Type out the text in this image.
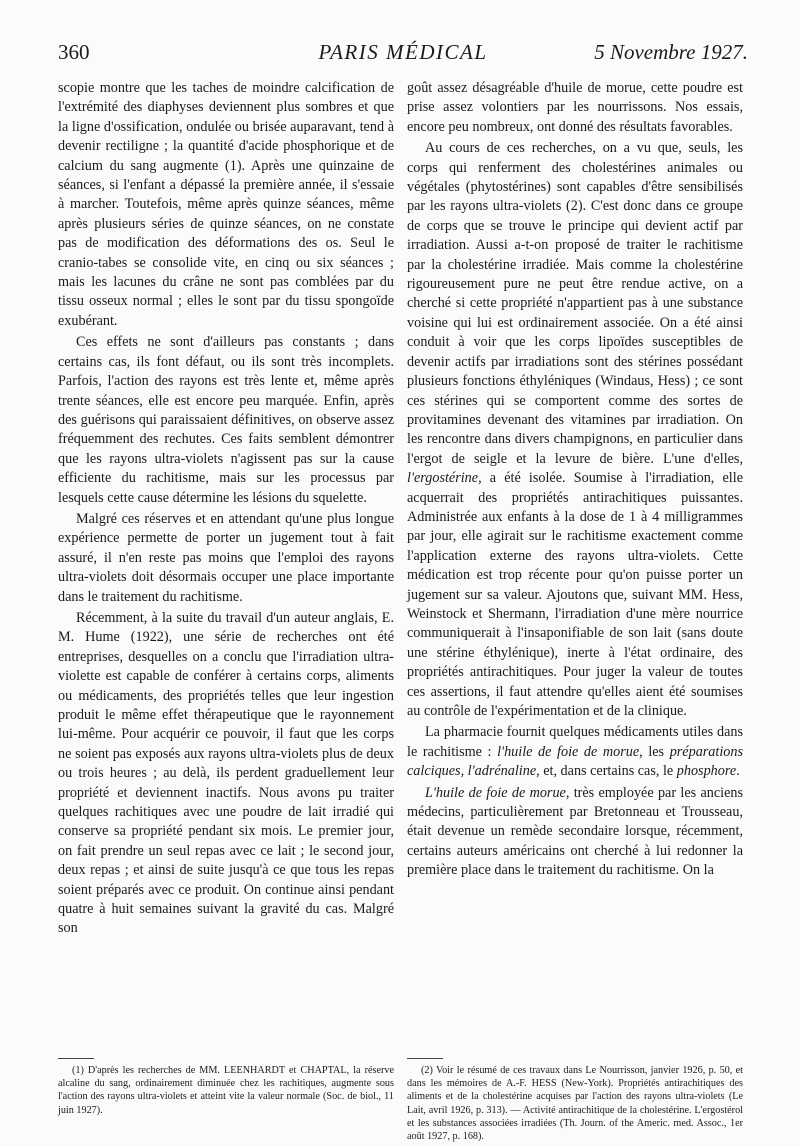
360	PARIS MÉDICAL	5 Novembre 1927.

scopie montre que les taches de moindre calcification de l'extrémité des diaphyses deviennent plus sombres et que la ligne d'ossification, ondulée ou brisée auparavant, tend à devenir rectiligne ; la quantité d'acide phosphorique et de calcium du sang augmente (1). Après une quinzaine de séances, si l'enfant a dépassé la première année, il s'essaie à marcher. Toutefois, même après quinze séances, même après plusieurs séries de quinze séances, on ne constate pas de modification des déformations des os. Seul le cranio-tabes se consolide vite, en cinq ou six séances ; mais les lacunes du crâne ne sont pas comblées par du tissu osseux normal ; elles le sont par du tissu spongoïde exubérant.

Ces effets ne sont d'ailleurs pas constants ; dans certains cas, ils font défaut, ou ils sont très incomplets. Parfois, l'action des rayons est très lente et, même après trente séances, elle est encore peu marquée. Enfin, après des guérisons qui paraissaient définitives, on observe assez fréquemment des rechutes. Ces faits semblent démontrer que les rayons ultra-violets n'agissent pas sur la cause efficiente du rachitisme, mais sur les processus par lesquels cette cause détermine les lésions du squelette.

Malgré ces réserves et en attendant qu'une plus longue expérience permette de porter un jugement tout à fait assuré, il n'en reste pas moins que l'emploi des rayons ultra-violets doit désormais occuper une place importante dans le traitement du rachitisme.

Récemment, à la suite du travail d'un auteur anglais, E. M. Hume (1922), une série de recherches ont été entreprises, desquelles on a conclu que l'irradiation ultra-violette est capable de conférer à certains corps, aliments ou médicaments, des propriétés telles que leur ingestion produit le même effet thérapeutique que le rayonnement lui-même. Pour acquérir ce pouvoir, il faut que les corps ne soient pas exposés aux rayons ultra-violets plus de deux ou trois heures ; au delà, ils perdent graduellement leur propriété et deviennent inactifs. Nous avons pu traiter quelques rachitiques avec une poudre de lait irradié qui conserve sa propriété pendant six mois. Le premier jour, on fait prendre un seul repas avec ce lait ; le second jour, deux repas ; et ainsi de suite jusqu'à ce que tous les repas soient préparés avec ce produit. On continue ainsi pendant quatre à huit semaines suivant la gravité du cas. Malgré son

goût assez désagréable d'huile de morue, cette poudre est prise assez volontiers par les nourrissons. Nos essais, encore peu nombreux, ont donné des résultats favorables.

Au cours de ces recherches, on a vu que, seuls, les corps qui renferment des cholestérines animales ou végétales (phytostérines) sont capables d'être sensibilisés par les rayons ultra-violets (2). C'est donc dans ce groupe de corps que se trouve le principe qui devient actif par irradiation. Aussi a-t-on proposé de traiter le rachitisme par la cholestérine irradiée. Mais comme la cholestérine rigoureusement pure ne peut être rendue active, on a cherché si cette propriété n'appartient pas à une substance voisine qui lui est ordinairement associée. On a été ainsi conduit à voir que les corps lipoïdes susceptibles de devenir actifs par irradiations sont des stérines possédant plusieurs fonctions éthyléniques (Windaus, Hess) ; ce sont ces stérines qui se comportent comme des sortes de provitamines devenant des vitamines par irradiation. On les rencontre dans divers champignons, en particulier dans l'ergot de seigle et la levure de bière. L'une d'elles, l'ergostérine, a été isolée. Soumise à l'irradiation, elle acquerrait des propriétés antirachitiques puissantes. Administrée aux enfants à la dose de 1 à 4 milligrammes par jour, elle agirait sur le rachitisme exactement comme l'application externe des rayons ultra-violets. Cette médication est trop récente pour qu'on puisse porter un jugement sur sa valeur. Ajoutons que, suivant MM. Hess, Weinstock et Shermann, l'irradiation d'une mère nourrice communiquerait à l'insaponifiable de son lait (sans doute une stérine éthylénique), inerte à l'état ordinaire, des propriétés antirachitiques. Pour juger la valeur de toutes ces assertions, il faut attendre qu'elles aient été soumises au contrôle de l'expérimentation et de la clinique.

La pharmacie fournit quelques médicaments utiles dans le rachitisme : l'huile de foie de morue, les préparations calciques, l'adrénaline, et, dans certains cas, le phosphore.

L'huile de foie de morue, très employée par les anciens médecins, particulièrement par Bretonneau et Trousseau, était devenue un remède secondaire lorsque, récemment, certains auteurs américains ont cherché à lui redonner la première place dans le traitement du rachitisme. On la

(1) D'après les recherches de MM. LEENHARDT et CHAPTAL, la réserve alcaline du sang, ordinairement diminuée chez les rachitiques, augmente sous l'action des rayons ultra-violets et atteint vite la valeur normale (Soc. de biol., 11 juin 1927).

(2) Voir le résumé de ces travaux dans Le Nourrisson, janvier 1926, p. 50, et dans les mémoires de A.-F. HESS (New-York). Propriétés antirachitiques des aliments et de la cholestérine acquises par l'action des rayons ultra-violets (Le Lait, avril 1926, p. 313). — Activité antirachitique de la cholestérine. L'ergostérol et les substances associées irradiées (Th. Journ. of the Americ. med. Assoc., 1er août 1927, p. 168).
